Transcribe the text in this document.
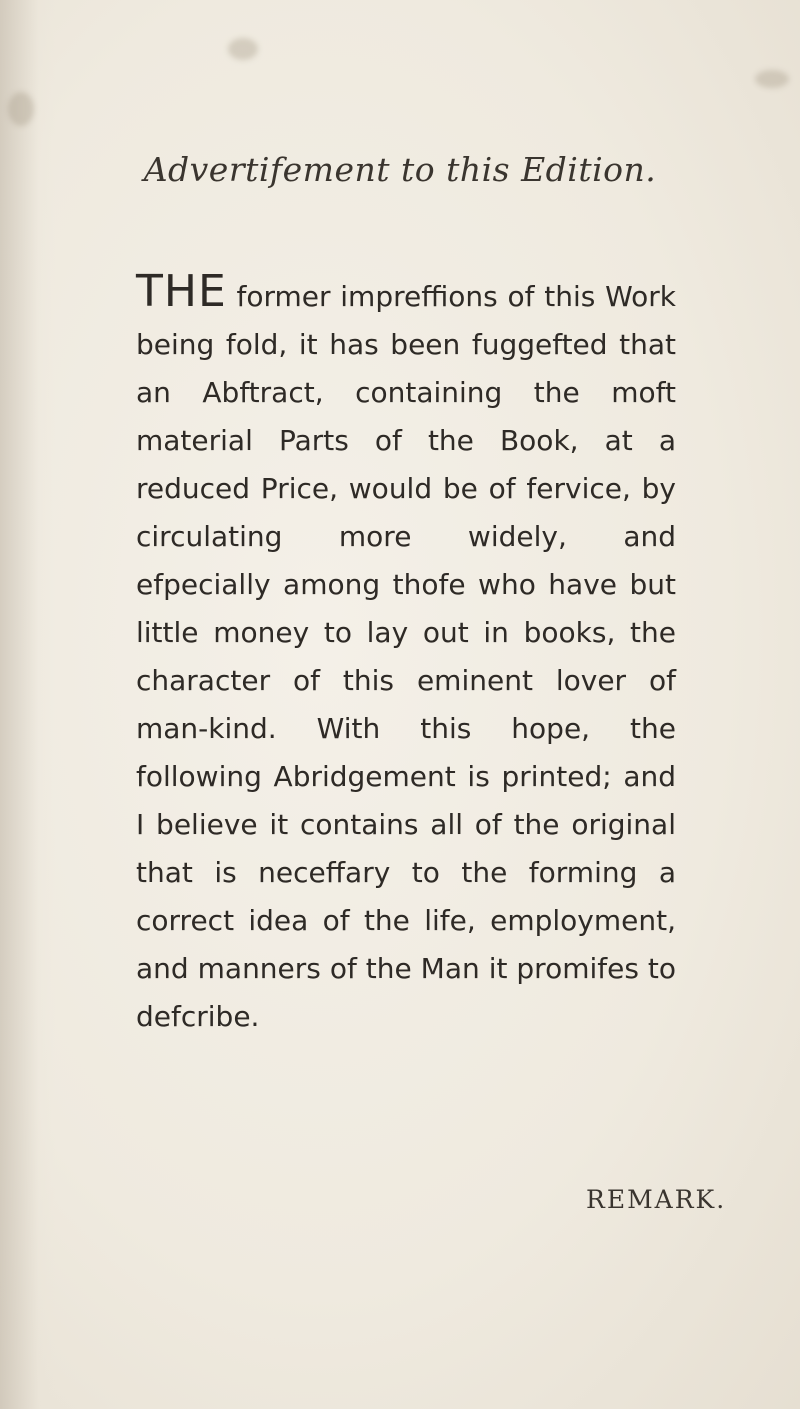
Advertifement to this Edition.
THE former impreffions of this Work being fold, it has been fuggefted that an Abftract, containing the moft material Parts of the Book, at a reduced Price, would be of fervice, by circulating more widely, and efpecially among thofe who have but little money to lay out in books, the character of this eminent lover of man-kind. With this hope, the following Abridgement is printed; and I believe it contains all of the original that is neceffary to the forming a correct idea of the life, employment, and manners of the Man it promifes to defcribe.
REMARK.
